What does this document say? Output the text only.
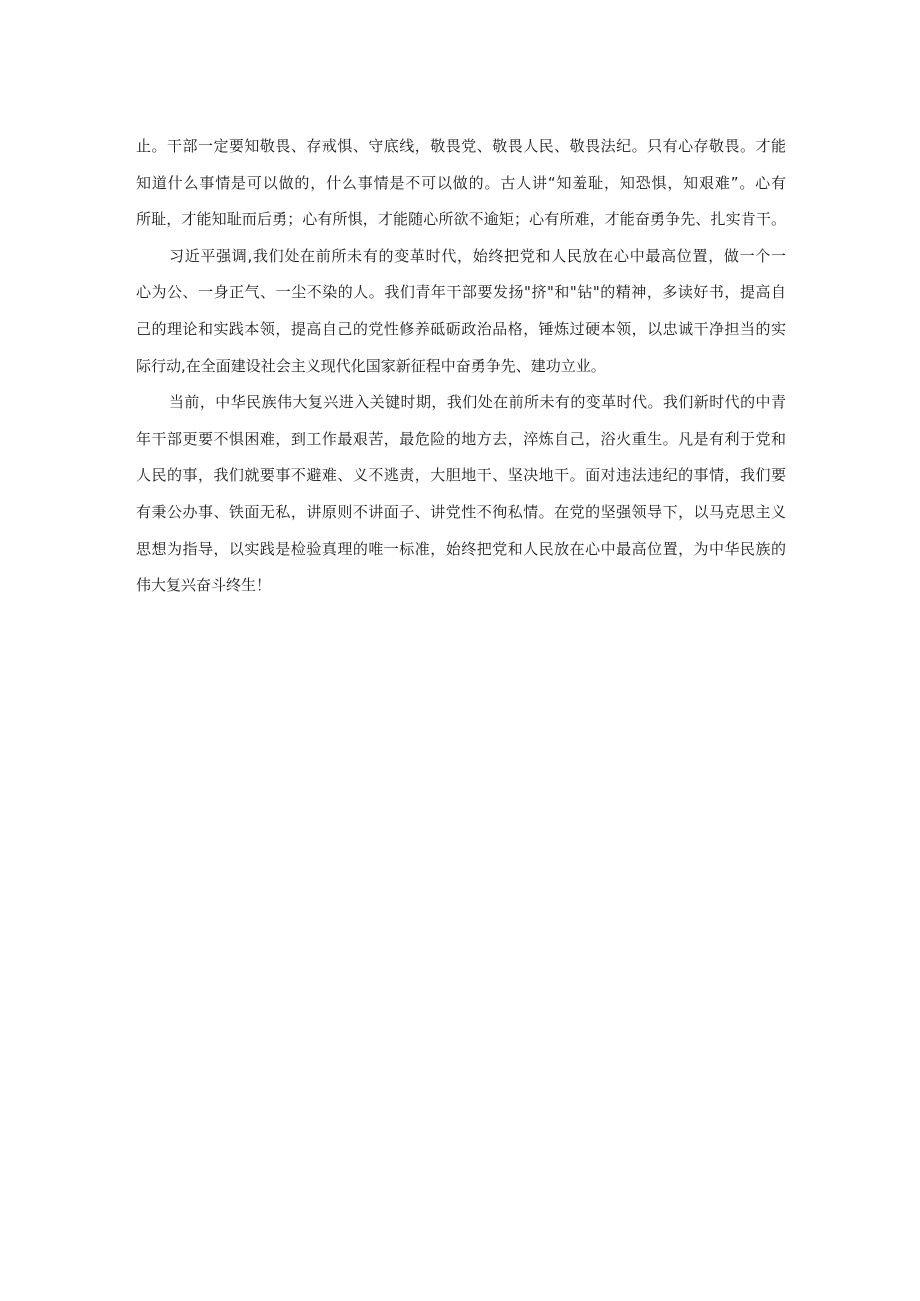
止。干部一定要知敬畏、存戒惧、守底线，敬畏党、敬畏人民、敬畏法纪。只有心存敬畏。才能
知道什么事情是可以做的，什么事情是不可以做的。古人讲“知羞耻，知恐惧，知艰难”。心有
所耻，才能知耻而后勇；心有所惧，才能随心所欲不逾矩；心有所难，才能奋勇争先、扎实肯干。

习近平强调,我们处在前所未有的变革时代，始终把党和人民放在心中最高位置，做一个一
心为公、一身正气、一尘不染的人。我们青年干部要发扬"挤"和"钻"的精神，多读好书，提高自
己的理论和实践本领，提高自己的党性修养砥砺政治品格，锤炼过硬本领，以忠诚干净担当的实
际行动,在全面建设社会主义现代化国家新征程中奋勇争先、建功立业。

当前，中华民族伟大复兴进入关键时期，我们处在前所未有的变革时代。我们新时代的中青
年干部更要不惧困难，到工作最艰苦，最危险的地方去，淬炼自己，浴火重生。凡是有利于党和
人民的事，我们就要事不避难、义不逃责，大胆地干、坚决地干。面对违法违纪的事情，我们要
有秉公办事、铁面无私，讲原则不讲面子、讲党性不徇私情。在党的坚强领导下，以马克思主义
思想为指导，以实践是检验真理的唯一标准，始终把党和人民放在心中最高位置，为中华民族的
伟大复兴奋斗终生！
